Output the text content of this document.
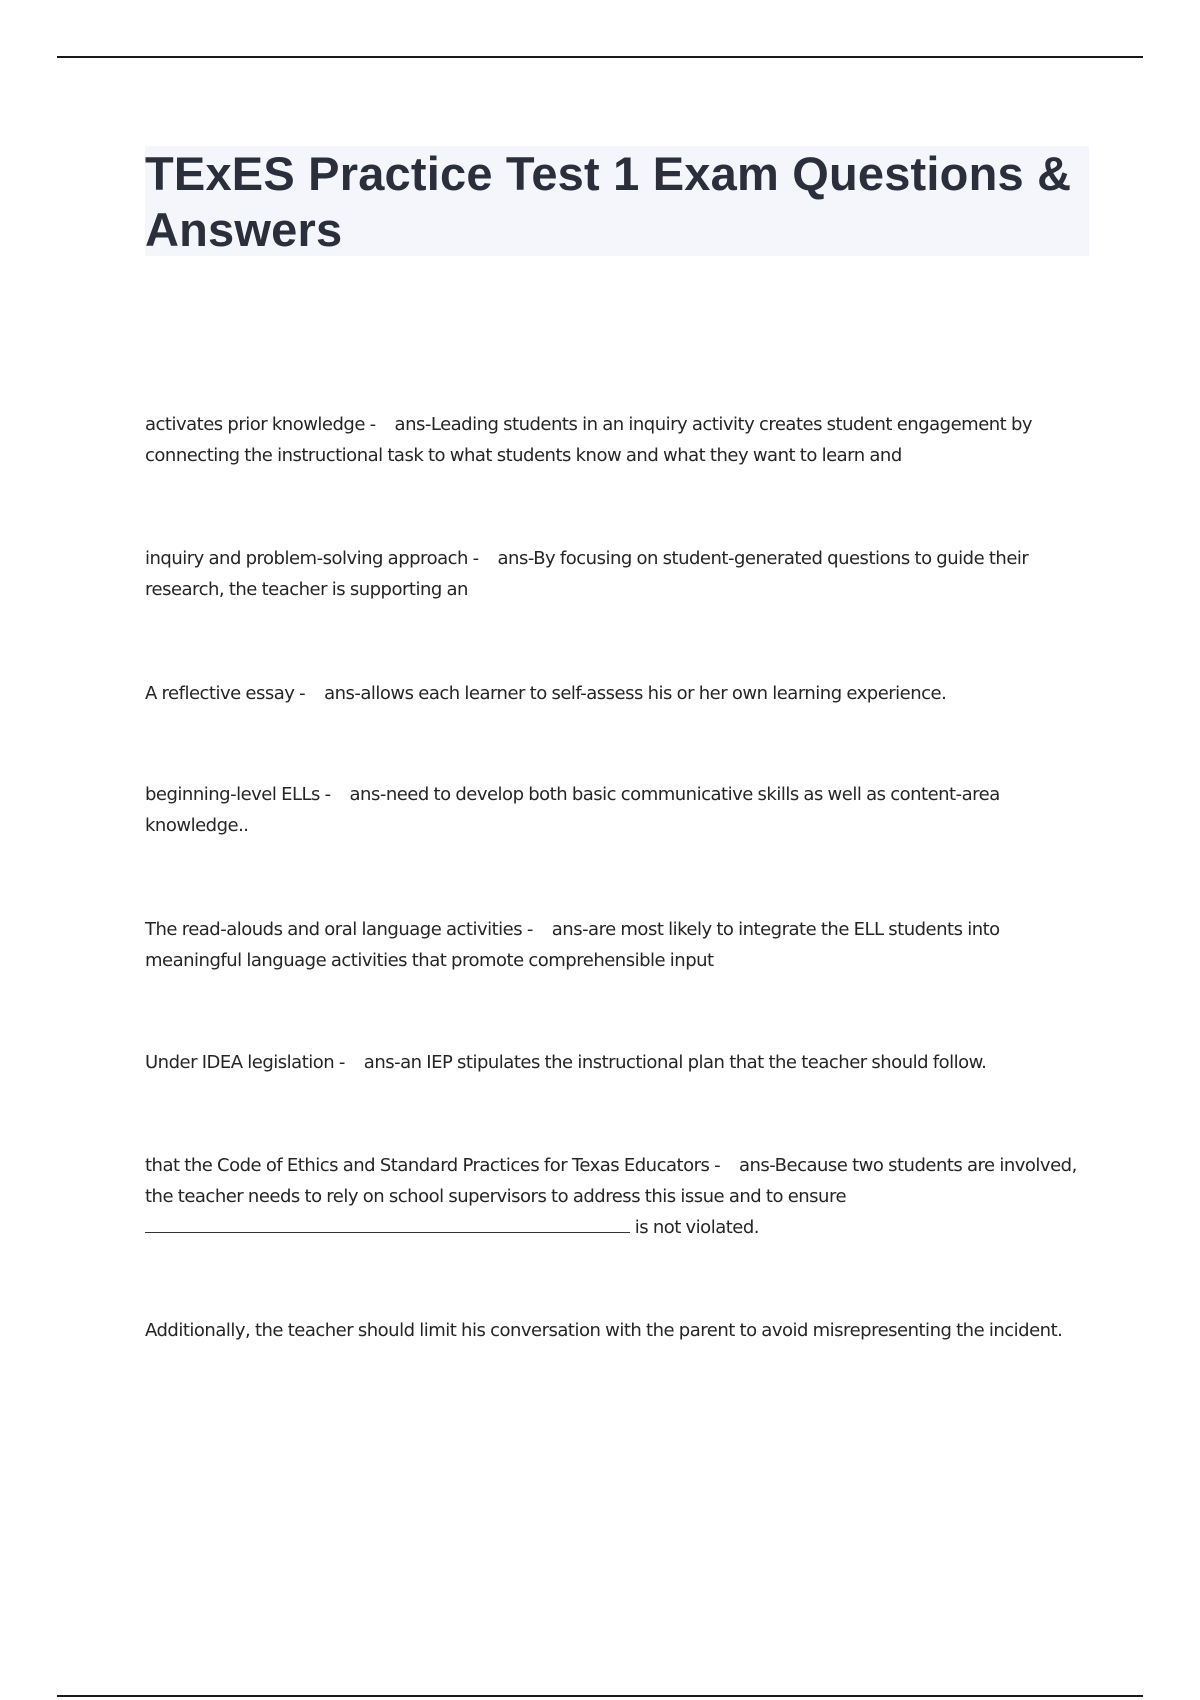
TExES Practice Test 1 Exam Questions & Answers
activates prior knowledge -    ans-Leading students in an inquiry activity creates student engagement by connecting the instructional task to what students know and what they want to learn and
inquiry and problem-solving approach -    ans-By focusing on student-generated questions to guide their research, the teacher is supporting an
A reflective essay -    ans-allows each learner to self-assess his or her own learning experience.
beginning-level ELLs -    ans-need to develop both basic communicative skills as well as content-area knowledge..
The read-alouds and oral language activities -    ans-are most likely to integrate the ELL students into meaningful language activities that promote comprehensible input
Under IDEA legislation -    ans-an IEP stipulates the instructional plan that the teacher should follow.
that the Code of Ethics and Standard Practices for Texas Educators -    ans-Because two students are involved, the teacher needs to rely on school supervisors to address this issue and to ensure is not violated.
Additionally, the teacher should limit his conversation with the parent to avoid misrepresenting the incident.
